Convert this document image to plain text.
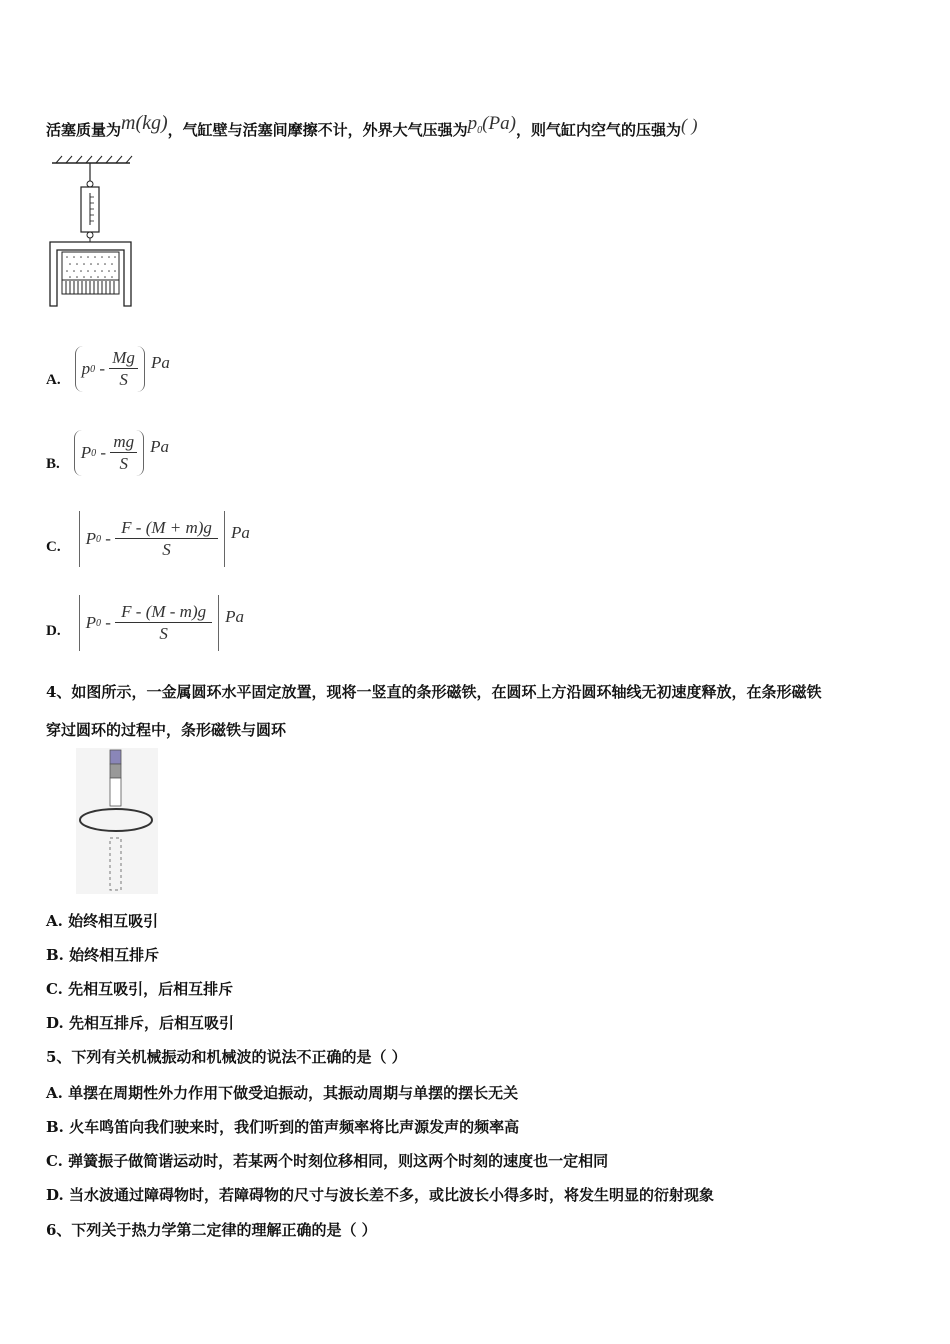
活塞质量为m(kg)，气缸壁与活塞间摩擦不计，外界大气压强为$p_0(Pa)$，则气缸内空气的压强为( )
A.
p 0
-
$\frac{Mg}{S}$ Pa
B.
P 0
-
$\frac{mg}{S}$ Pa
C. P 0
-
$\frac{F - (M + m)g}{S}$ Pa
D. P 0
-
$\frac{F - (M - m)g}{S}$ Pa
4、如图所示，一金属圆环水平固定放置，现将一竖直的条形磁铁，在圆环上方沿圆环轴线无初速度释放，在条形磁铁
穿过圆环的过程中，条形磁铁与圆环
A. 始终相互吸引
B. 始终相互排斥
C. 先相互吸引，后相互排斥
D. 先相互排斥，后相互吸引
5、下列有关机械振动和机械波的说法不正确的是（ ）
A. 单摆在周期性外力作用下做受迫振动，其振动周期与单摆的摆长无关
B. 火车鸣笛向我们驶来时，我们听到的笛声频率将比声源发声的频率高
C. 弹簧振子做简谐运动时，若某两个时刻位移相同，则这两个时刻的速度也一定相同
D. 当水波通过障碍物时，若障碍物的尺寸与波长差不多，或比波长小得多时，将发生明显的衍射现象
6、下列关于热力学第二定律的理解正确的是（ ）
